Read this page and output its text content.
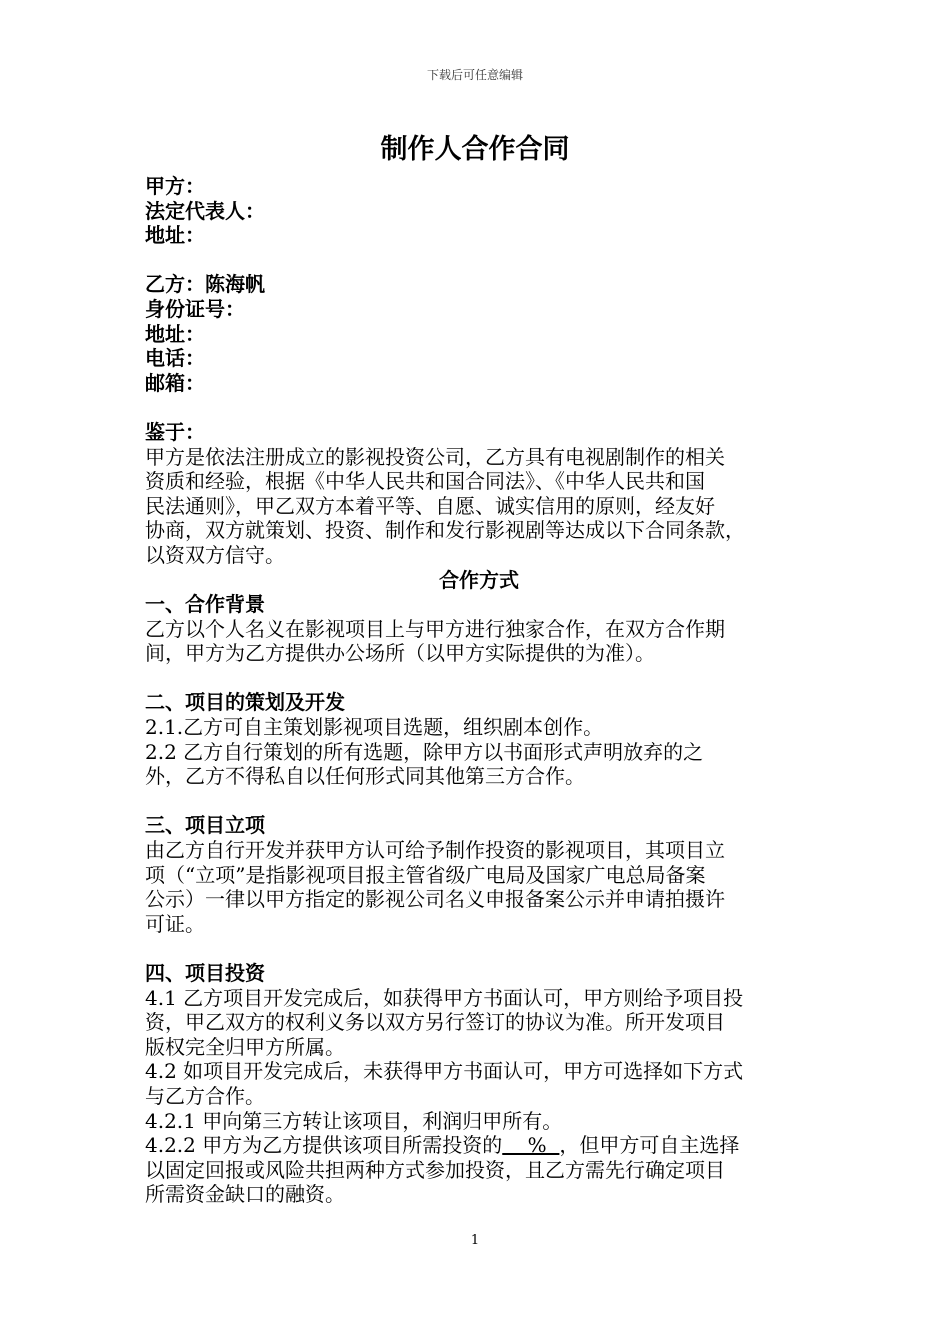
下载后可任意编辑
制作人合作合同

甲方：

法定代表人：

地址：

乙方：陈海帆

身份证号：

地址：

电话：

邮箱：

鉴于：

甲方是依法注册成立的影视投资公司，乙方具有电视剧制作的相关

资质和经验，根据《中华人民共和国合同法》、《中华人民共和国

民法通则》，甲乙双方本着平等、自愿、诚实信用的原则，经友好

协商，双方就策划、投资、制作和发行影视剧等达成以下合同条款，

以资双方信守。

合作方式

一、合作背景

乙方以个人名义在影视项目上与甲方进行独家合作，在双方合作期

间，甲方为乙方提供办公场所（以甲方实际提供的为准）。

二、项目的策划及开发

2.1.乙方可自主策划影视项目选题，组织剧本创作。

2.2 乙方自行策划的所有选题，除甲方以书面形式声明放弃的之

外，乙方不得私自以任何形式同其他第三方合作。

三、项目立项

由乙方自行开发并获甲方认可给予制作投资的影视项目，其项目立

项（“立项”是指影视项目报主管省级广电局及国家广电总局备案

公示）一律以甲方指定的影视公司名义申报备案公示并申请拍摄许

可证。

四、项目投资

4.1 乙方项目开发完成后，如获得甲方书面认可，甲方则给予项目投

资，甲乙双方的权利义务以双方另行签订的协议为准。所开发项目

版权完全归甲方所属。

4.2 如项目开发完成后，未获得甲方书面认可，甲方可选择如下方式

与乙方合作。

4.2.1 甲向第三方转让该项目，利润归甲所有。

4.2.2 甲方为乙方提供该项目所需投资的    %  ，但甲方可自主选择

以固定回报或风险共担两种方式参加投资，且乙方需先行确定项目

所需资金缺口的融资。

1
